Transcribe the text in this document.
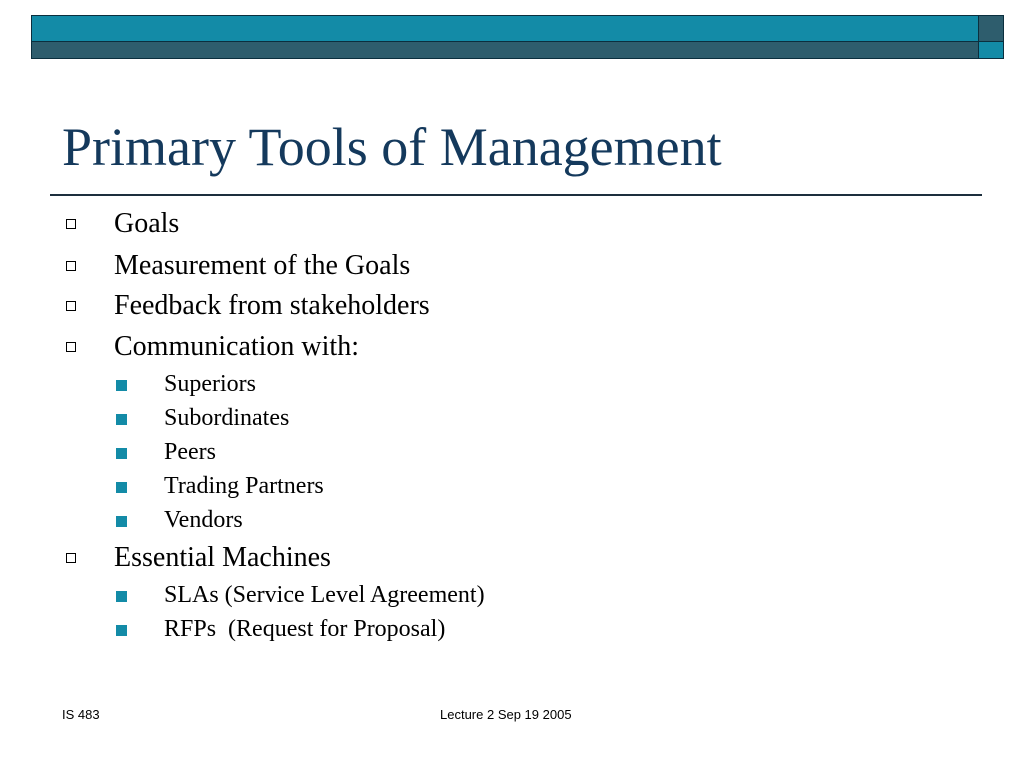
Primary Tools of Management
Goals
Measurement of the Goals
Feedback from stakeholders
Communication with:
Superiors
Subordinates
Peers
Trading Partners
Vendors
Essential Machines
SLAs (Service Level Agreement)
RFPs  (Request for Proposal)
IS 483	Lecture 2 Sep 19 2005
